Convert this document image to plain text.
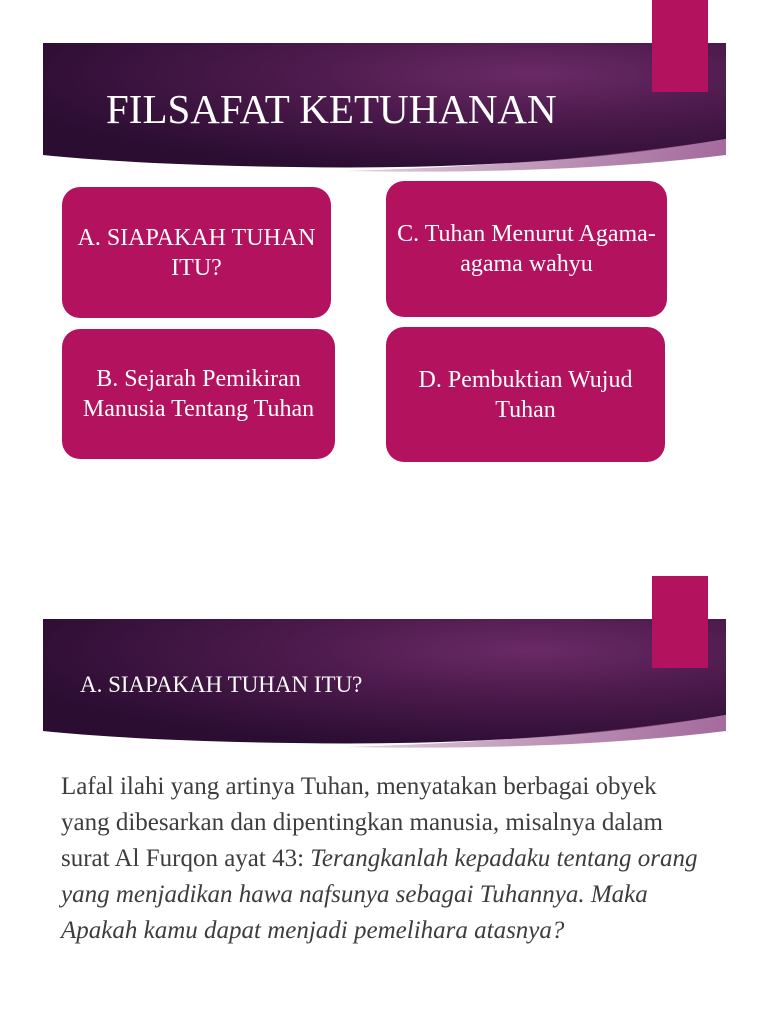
FILSAFAT KETUHANAN
A. SIAPAKAH TUHAN ITU?
B. Sejarah Pemikiran Manusia Tentang Tuhan
C. Tuhan Menurut Agama-agama wahyu
D. Pembuktian Wujud Tuhan
A. SIAPAKAH TUHAN ITU?
Lafal ilahi yang artinya Tuhan, menyatakan berbagai obyek yang dibesarkan dan dipentingkan manusia, misalnya dalam surat Al Furqon ayat 43: Terangkanlah kepadaku tentang orang yang menjadikan hawa nafsunya sebagai Tuhannya. Maka Apakah kamu dapat menjadi pemelihara atasnya?
